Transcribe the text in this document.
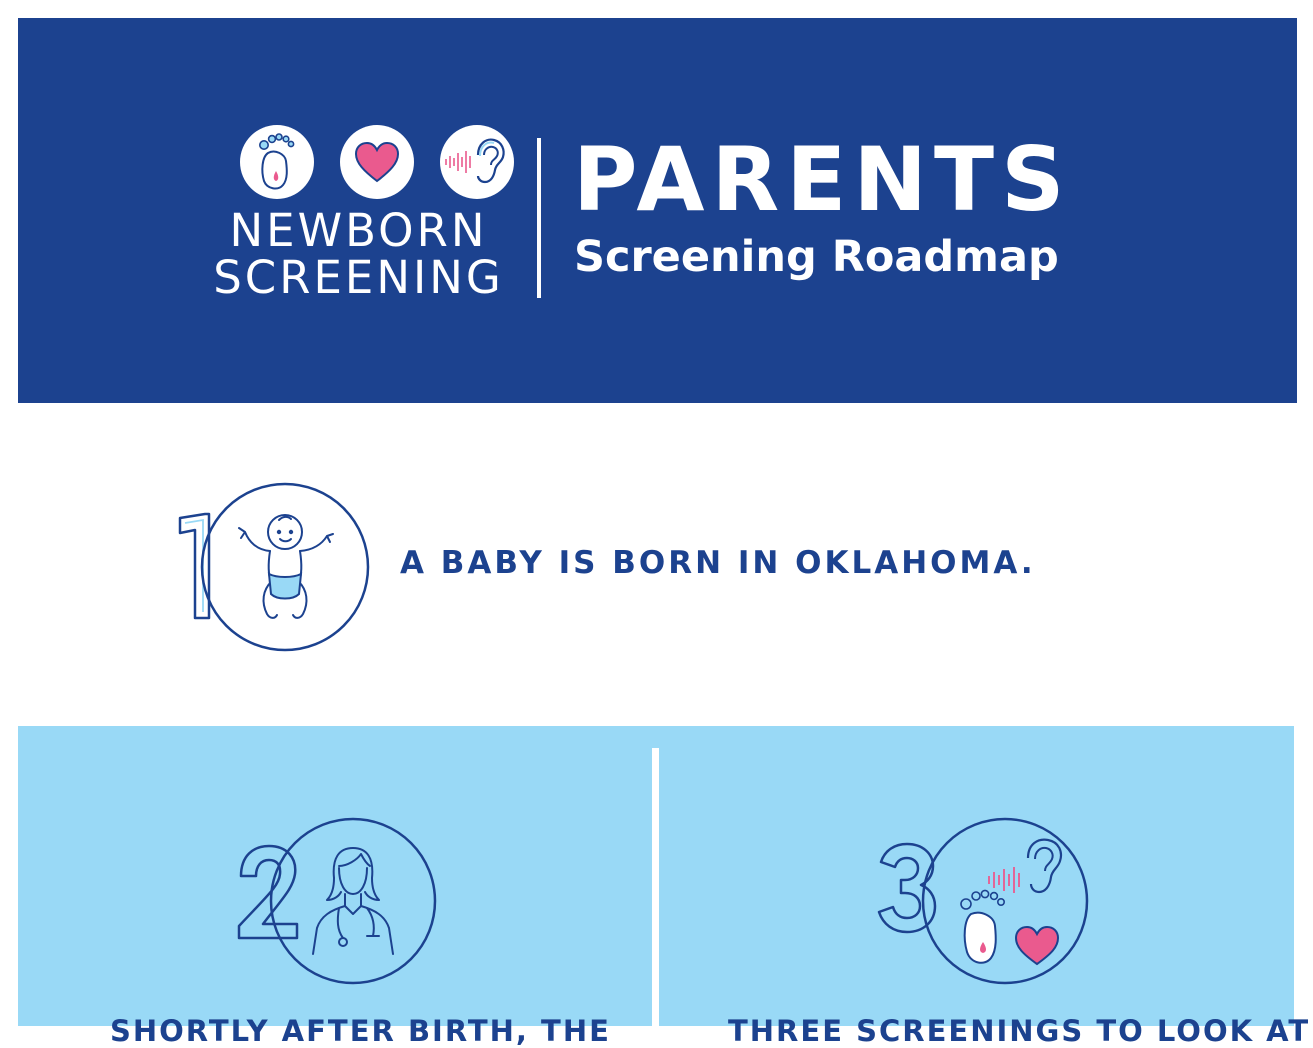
NEWBORN
SCREENING
PARENTS
Screening Roadmap
A BABY IS BORN IN OKLAHOMA.
SHORTLY AFTER BIRTH, THE	THREE SCREENINGS TO LOOK AT
